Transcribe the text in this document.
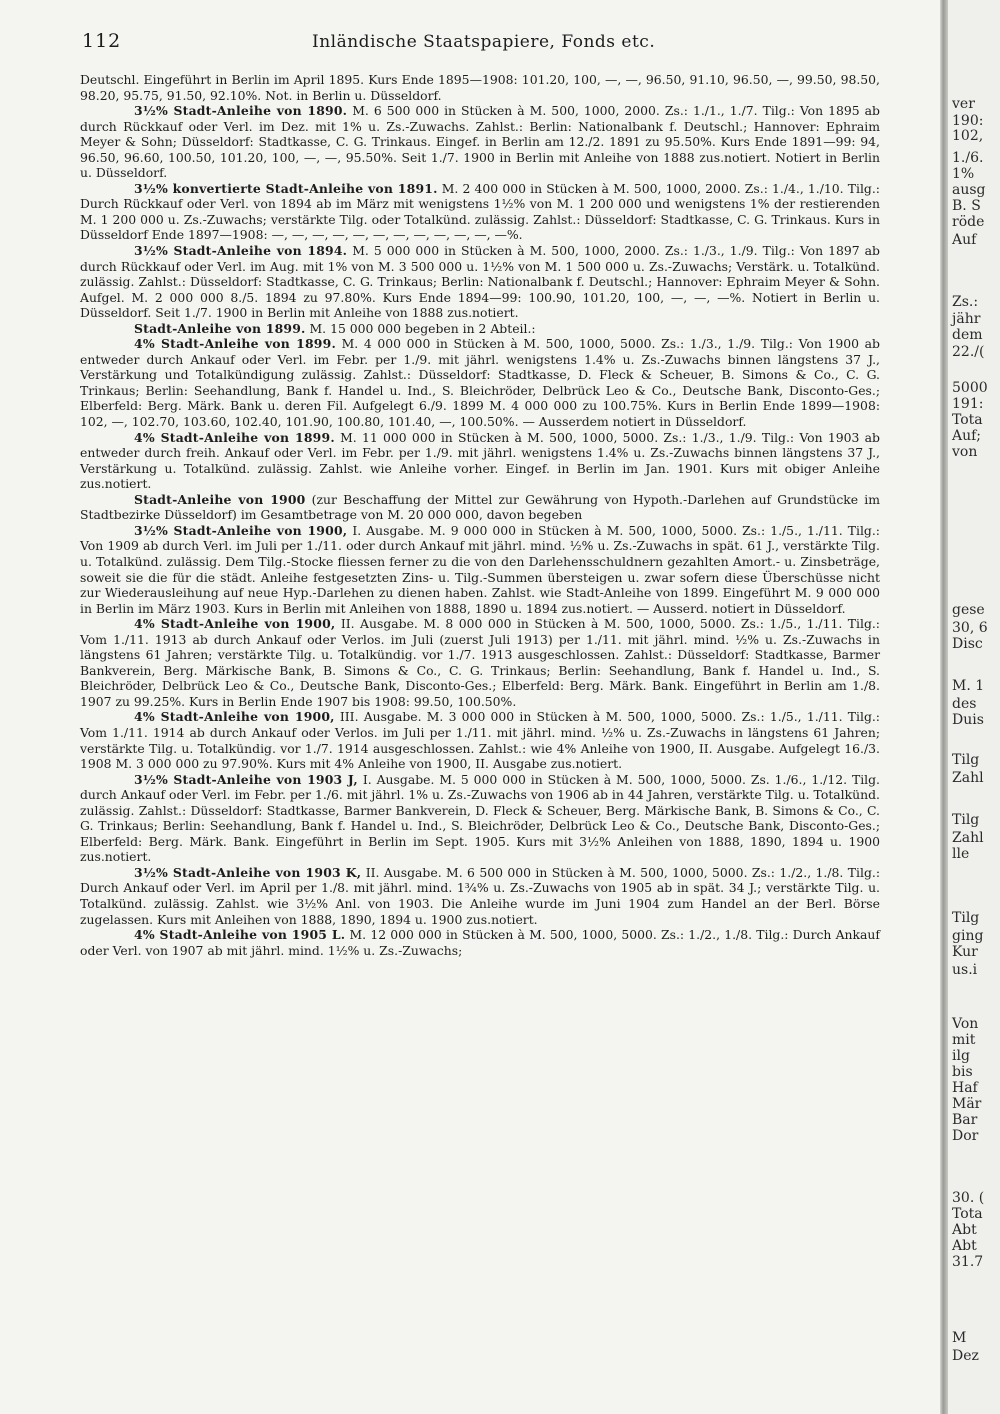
112	Inländische Staatspapiere, Fonds etc.

Deutschl. Eingeführt in Berlin im April 1895. Kurs Ende 1895—1908: 101.20, 100, —, —, 96.50, 91.10, 96.50, —, 99.50, 98.50, 98.20, 95.75, 91.50, 92.10%. Not. in Berlin u. Düsseldorf.

3½% Stadt-Anleihe von 1890. M. 6 500 000 in Stücken à M. 500, 1000, 2000. Zs.: 1./1., 1./7. Tilg.: Von 1895 ab durch Rückkauf oder Verl. im Dez. mit 1% u. Zs.-Zuwachs. Zahlst.: Berlin: Nationalbank f. Deutschl.; Hannover: Ephraim Meyer & Sohn; Düsseldorf: Stadtkasse, C. G. Trinkaus. Eingef. in Berlin am 12./2. 1891 zu 95.50%. Kurs Ende 1891—99: 94, 96.50, 96.60, 100.50, 101.20, 100, —, —, 95.50%. Seit 1./7. 1900 in Berlin mit Anleihe von 1888 zus.notiert. Notiert in Berlin u. Düsseldorf.

3½% konvertierte Stadt-Anleihe von 1891. M. 2 400 000 in Stücken à M. 500, 1000, 2000. Zs.: 1./4., 1./10. Tilg.: Durch Rückkauf oder Verl. von 1894 ab im März mit wenigstens 1½% von M. 1 200 000 und wenigstens 1% der restierenden M. 1 200 000 u. Zs.-Zuwachs; verstärkte Tilg. oder Totalkünd. zulässig. Zahlst.: Düsseldorf: Stadtkasse, C. G. Trinkaus. Kurs in Düsseldorf Ende 1897—1908: —, —, —, —, —, —, —, —, —, —, —, —%.

3½% Stadt-Anleihe von 1894. M. 5 000 000 in Stücken à M. 500, 1000, 2000. Zs.: 1./3., 1./9. Tilg.: Von 1897 ab durch Rückkauf oder Verl. im Aug. mit 1% von M. 3 500 000 u. 1½% von M. 1 500 000 u. Zs.-Zuwachs; Verstärk. u. Totalkünd. zulässig. Zahlst.: Düsseldorf: Stadtkasse, C. G. Trinkaus; Berlin: Nationalbank f. Deutschl.; Hannover: Ephraim Meyer & Sohn. Aufgel. M. 2 000 000 8./5. 1894 zu 97.80%. Kurs Ende 1894—99: 100.90, 101.20, 100, —, —, —%. Notiert in Berlin u. Düsseldorf. Seit 1./7. 1900 in Berlin mit Anleihe von 1888 zus.notiert.

Stadt-Anleihe von 1899. M. 15 000 000 begeben in 2 Abteil.:

4% Stadt-Anleihe von 1899. M. 4 000 000 in Stücken à M. 500, 1000, 5000. Zs.: 1./3., 1./9. Tilg.: Von 1900 ab entweder durch Ankauf oder Verl. im Febr. per 1./9. mit jährl. wenigstens 1.4% u. Zs.-Zuwachs binnen längstens 37 J., Verstärkung und Totalkündigung zulässig. Zahlst.: Düsseldorf: Stadtkasse, D. Fleck & Scheuer, B. Simons & Co., C. G. Trinkaus; Berlin: Seehandlung, Bank f. Handel u. Ind., S. Bleichröder, Delbrück Leo & Co., Deutsche Bank, Disconto-Ges.; Elberfeld: Berg. Märk. Bank u. deren Fil. Aufgelegt 6./9. 1899 M. 4 000 000 zu 100.75%. Kurs in Berlin Ende 1899—1908: 102, —, 102.70, 103.60, 102.40, 101.90, 100.80, 101.40, —, 100.50%. — Ausserdem notiert in Düsseldorf.

4% Stadt-Anleihe von 1899. M. 11 000 000 in Stücken à M. 500, 1000, 5000. Zs.: 1./3., 1./9. Tilg.: Von 1903 ab entweder durch freih. Ankauf oder Verl. im Febr. per 1./9. mit jährl. wenigstens 1.4% u. Zs.-Zuwachs binnen längstens 37 J., Verstärkung u. Totalkünd. zulässig. Zahlst. wie Anleihe vorher. Eingef. in Berlin im Jan. 1901. Kurs mit obiger Anleihe zus.notiert.

Stadt-Anleihe von 1900 (zur Beschaffung der Mittel zur Gewährung von Hypoth.-Darlehen auf Grundstücke im Stadtbezirke Düsseldorf) im Gesamtbetrage von M. 20 000 000, davon begeben

3½% Stadt-Anleihe von 1900, I. Ausgabe. M. 9 000 000 in Stücken à M. 500, 1000, 5000. Zs.: 1./5., 1./11. Tilg.: Von 1909 ab durch Verl. im Juli per 1./11. oder durch Ankauf mit jährl. mind. ½% u. Zs.-Zuwachs in spät. 61 J., verstärkte Tilg. u. Totalkünd. zulässig. Dem Tilg.-Stocke fliessen ferner zu die von den Darlehensschuldnern gezahlten Amort.- u. Zinsbeträge, soweit sie die für die städt. Anleihe festgesetzten Zins- u. Tilg.-Summen übersteigen u. zwar sofern diese Überschüsse nicht zur Wiederausleihung auf neue Hyp.-Darlehen zu dienen haben. Zahlst. wie Stadt-Anleihe von 1899. Eingeführt M. 9 000 000 in Berlin im März 1903. Kurs in Berlin mit Anleihen von 1888, 1890 u. 1894 zus.notiert. — Ausserd. notiert in Düsseldorf.

4% Stadt-Anleihe von 1900, II. Ausgabe. M. 8 000 000 in Stücken à M. 500, 1000, 5000. Zs.: 1./5., 1./11. Tilg.: Vom 1./11. 1913 ab durch Ankauf oder Verlos. im Juli (zuerst Juli 1913) per 1./11. mit jährl. mind. ½% u. Zs.-Zuwachs in längstens 61 Jahren; verstärkte Tilg. u. Totalkündig. vor 1./7. 1913 ausgeschlossen. Zahlst.: Düsseldorf: Stadtkasse, Barmer Bankverein, Berg. Märkische Bank, B. Simons & Co., C. G. Trinkaus; Berlin: Seehandlung, Bank f. Handel u. Ind., S. Bleichröder, Delbrück Leo & Co., Deutsche Bank, Disconto-Ges.; Elberfeld: Berg. Märk. Bank. Eingeführt in Berlin am 1./8. 1907 zu 99.25%. Kurs in Berlin Ende 1907 bis 1908: 99.50, 100.50%.

4% Stadt-Anleihe von 1900, III. Ausgabe. M. 3 000 000 in Stücken à M. 500, 1000, 5000. Zs.: 1./5., 1./11. Tilg.: Vom 1./11. 1914 ab durch Ankauf oder Verlos. im Juli per 1./11. mit jährl. mind. ½% u. Zs.-Zuwachs in längstens 61 Jahren; verstärkte Tilg. u. Totalkündig. vor 1./7. 1914 ausgeschlossen. Zahlst.: wie 4% Anleihe von 1900, II. Ausgabe. Aufgelegt 16./3. 1908 M. 3 000 000 zu 97.90%. Kurs mit 4% Anleihe von 1900, II. Ausgabe zus.notiert.

3½% Stadt-Anleihe von 1903 J, I. Ausgabe. M. 5 000 000 in Stücken à M. 500, 1000, 5000. Zs. 1./6., 1./12. Tilg. durch Ankauf oder Verl. im Febr. per 1./6. mit jährl. 1% u. Zs.-Zuwachs von 1906 ab in 44 Jahren, verstärkte Tilg. u. Totalkünd. zulässig. Zahlst.: Düsseldorf: Stadtkasse, Barmer Bankverein, D. Fleck & Scheuer, Berg. Märkische Bank, B. Simons & Co., C. G. Trinkaus; Berlin: Seehandlung, Bank f. Handel u. Ind., S. Bleichröder, Delbrück Leo & Co., Deutsche Bank, Disconto-Ges.; Elberfeld: Berg. Märk. Bank. Eingeführt in Berlin im Sept. 1905. Kurs mit 3½% Anleihen von 1888, 1890, 1894 u. 1900 zus.notiert.

3½% Stadt-Anleihe von 1903 K, II. Ausgabe. M. 6 500 000 in Stücken à M. 500, 1000, 5000. Zs.: 1./2., 1./8. Tilg.: Durch Ankauf oder Verl. im April per 1./8. mit jährl. mind. 1¾% u. Zs.-Zuwachs von 1905 ab in spät. 34 J.; verstärkte Tilg. u. Totalkünd. zulässig. Zahlst. wie 3½% Anl. von 1903. Die Anleihe wurde im Juni 1904 zum Handel an der Berl. Börse zugelassen. Kurs mit Anleihen von 1888, 1890, 1894 u. 1900 zus.notiert.

4% Stadt-Anleihe von 1905 L. M. 12 000 000 in Stücken à M. 500, 1000, 5000. Zs.: 1./2., 1./8. Tilg.: Durch Ankauf oder Verl. von 1907 ab mit jährl. mind. 1½% u. Zs.-Zuwachs;

ver
190:
102,
1./6.
1%
ausg
B. S
röde
Auf
Zs.:
jähr
dem
22./(
5000
191:
Tota
Auf;
von
gese
30, 6
Disc
M. 1
des
Duis
Tilg
Zahl
Tilg
Zahl
lle
Tilg
ging
Kur
us.i
Von
mit
ilg
bis
Haf
Mär
Bar
Dor
30. (
Tota
Abt
Abt
31.7
M
Dez
